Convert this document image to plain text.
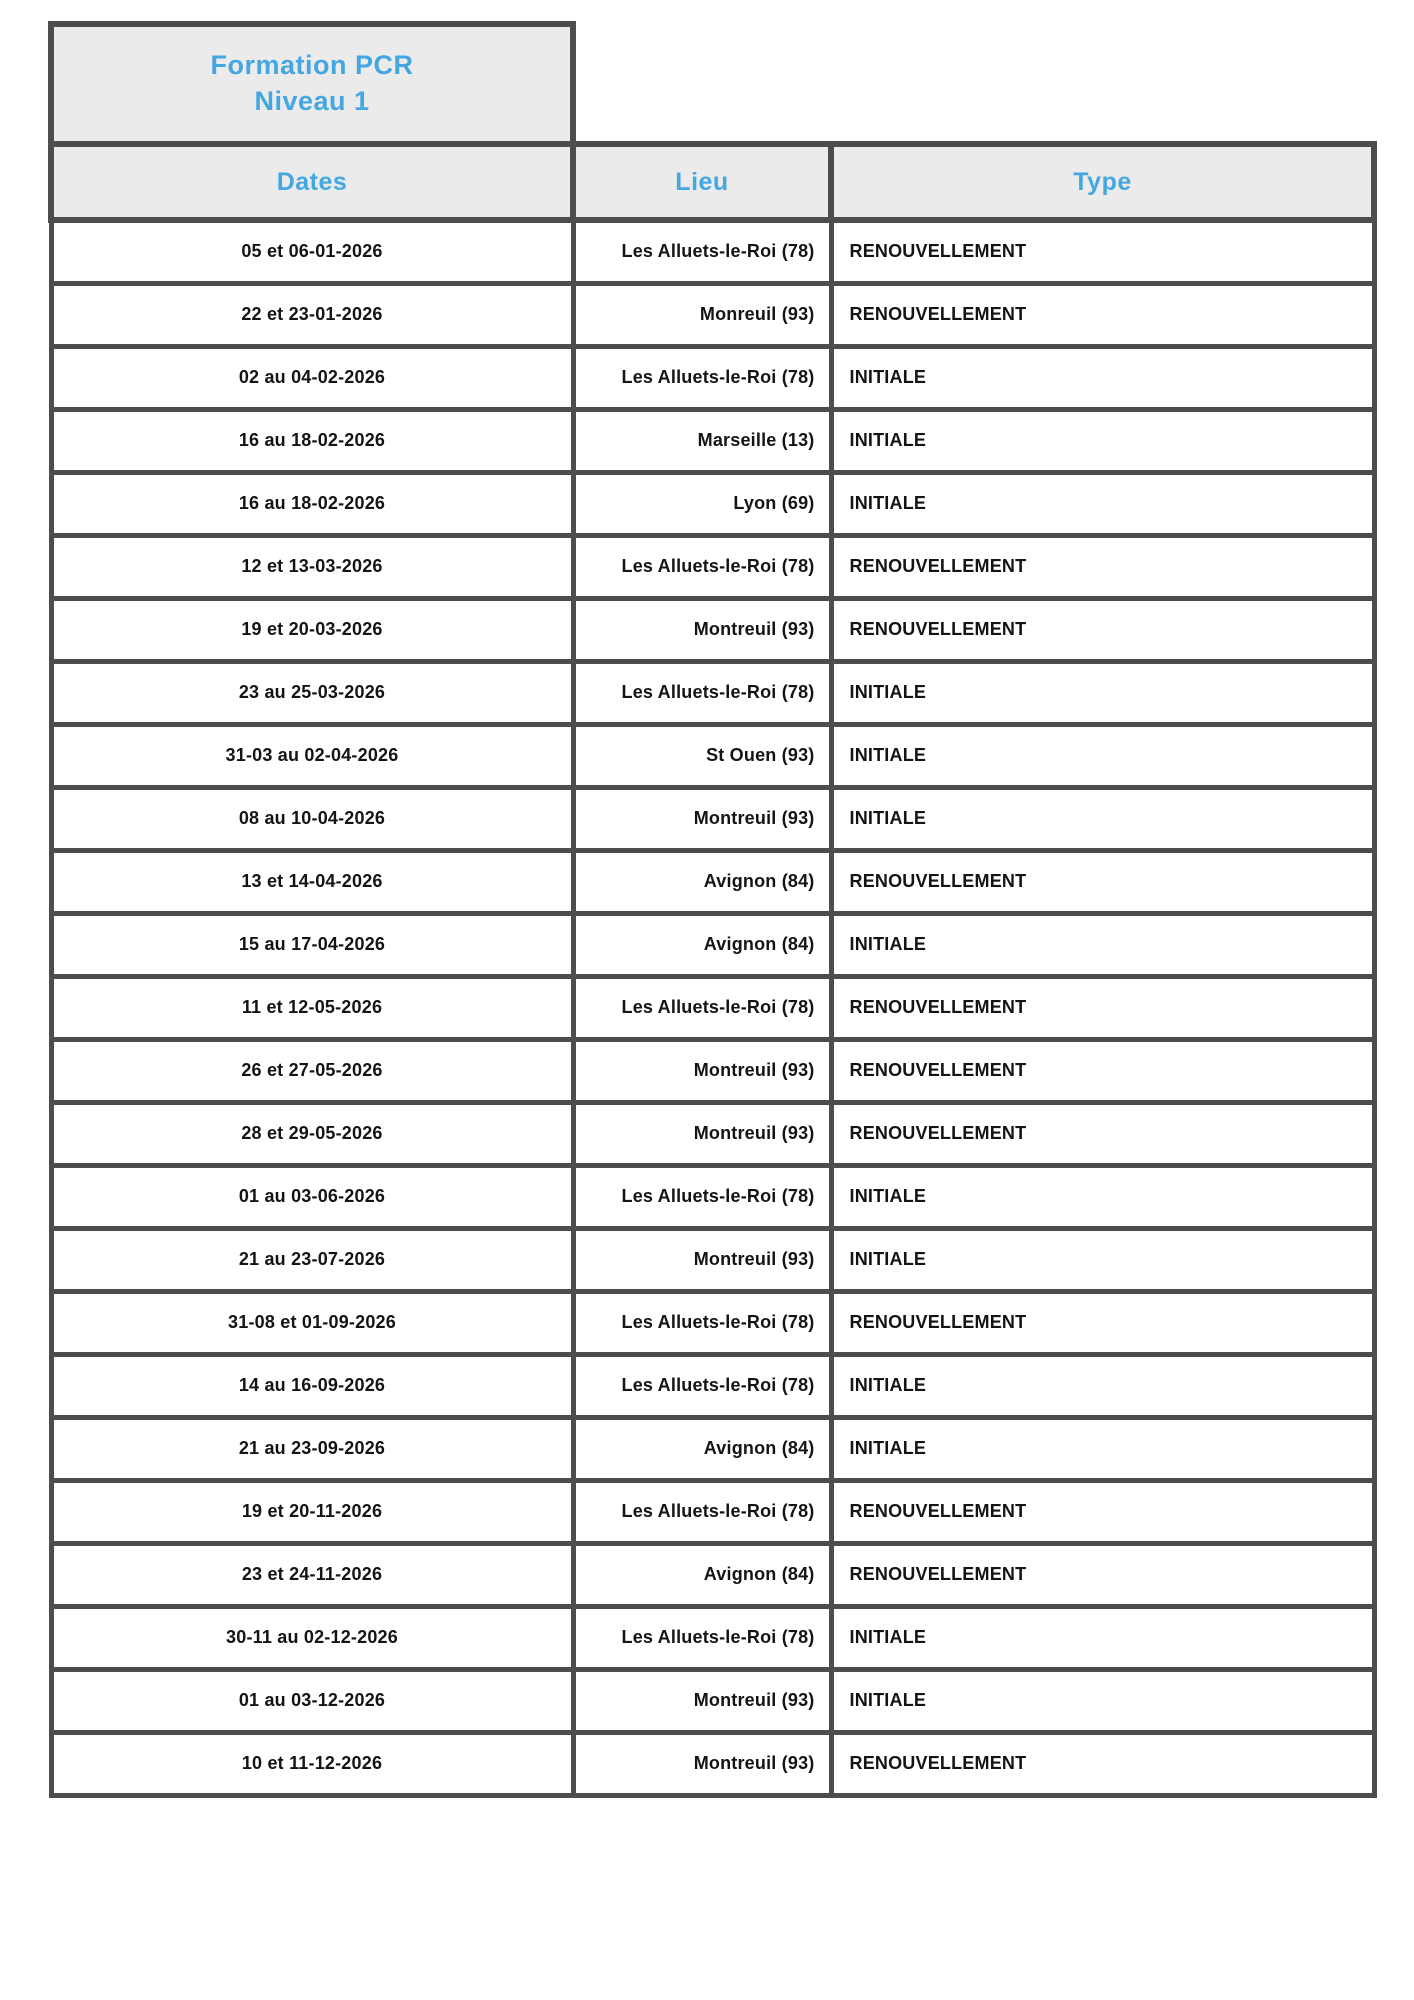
Formation PCR
Niveau 1		

Dates	Lieu	Type
05 et 06-01-2026	Les Alluets-le-Roi (78)	RENOUVELLEMENT
22 et 23-01-2026	Monreuil (93)	RENOUVELLEMENT
02 au 04-02-2026	Les Alluets-le-Roi (78)	INITIALE
16 au 18-02-2026	Marseille (13)	INITIALE
16 au 18-02-2026	Lyon (69)	INITIALE
12 et 13-03-2026	Les Alluets-le-Roi (78)	RENOUVELLEMENT
19 et 20-03-2026	Montreuil (93)	RENOUVELLEMENT
23 au 25-03-2026	Les Alluets-le-Roi (78)	INITIALE
31-03 au 02-04-2026	St Ouen (93)	INITIALE
08 au 10-04-2026	Montreuil (93)	INITIALE
13 et 14-04-2026	Avignon (84)	RENOUVELLEMENT
15 au 17-04-2026	Avignon (84)	INITIALE
11 et 12-05-2026	Les Alluets-le-Roi (78)	RENOUVELLEMENT
26 et 27-05-2026	Montreuil (93)	RENOUVELLEMENT
28 et 29-05-2026	Montreuil (93)	RENOUVELLEMENT
01 au 03-06-2026	Les Alluets-le-Roi (78)	INITIALE
21 au 23-07-2026	Montreuil (93)	INITIALE
31-08 et 01-09-2026	Les Alluets-le-Roi (78)	RENOUVELLEMENT
14 au 16-09-2026	Les Alluets-le-Roi (78)	INITIALE
21 au 23-09-2026	Avignon (84)	INITIALE
19 et 20-11-2026	Les Alluets-le-Roi (78)	RENOUVELLEMENT
23 et 24-11-2026	Avignon (84)	RENOUVELLEMENT
30-11 au 02-12-2026	Les Alluets-le-Roi (78)	INITIALE
01 au 03-12-2026	Montreuil (93)	INITIALE
10 et 11-12-2026	Montreuil (93)	RENOUVELLEMENT
